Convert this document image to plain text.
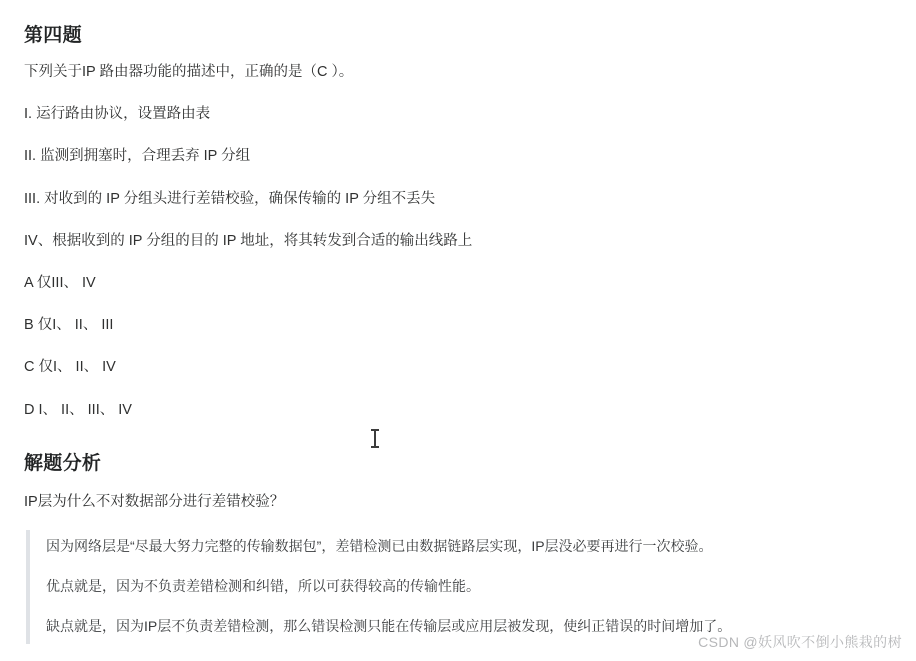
第四题

下列关于IP 路由器功能的描述中，正确的是（C ）。

I. 运行路由协议，设置路由表

II. 监测到拥塞时，合理丢弃 IP 分组

III. 对收到的 IP 分组头进行差错校验，确保传输的 IP 分组不丢失

IV、根据收到的 IP 分组的目的 IP 地址，将其转发到合适的输出线路上

A 仅III、 IV

B 仅I、 II、 III

C 仅I、 II、 IV

D I、 II、 III、 IV

解题分析

IP层为什么不对数据部分进行差错校验？

因为网络层是“尽最大努力完整的传输数据包”，差错检测已由数据链路层实现，IP层没必要再进行一次校验。

优点就是，因为不负责差错检测和纠错，所以可获得较高的传输性能。

缺点就是，因为IP层不负责差错检测，那么错误检测只能在传输层或应用层被发现，使纠正错误的时间增加了。

CSDN @妖风吹不倒小熊栽的树
